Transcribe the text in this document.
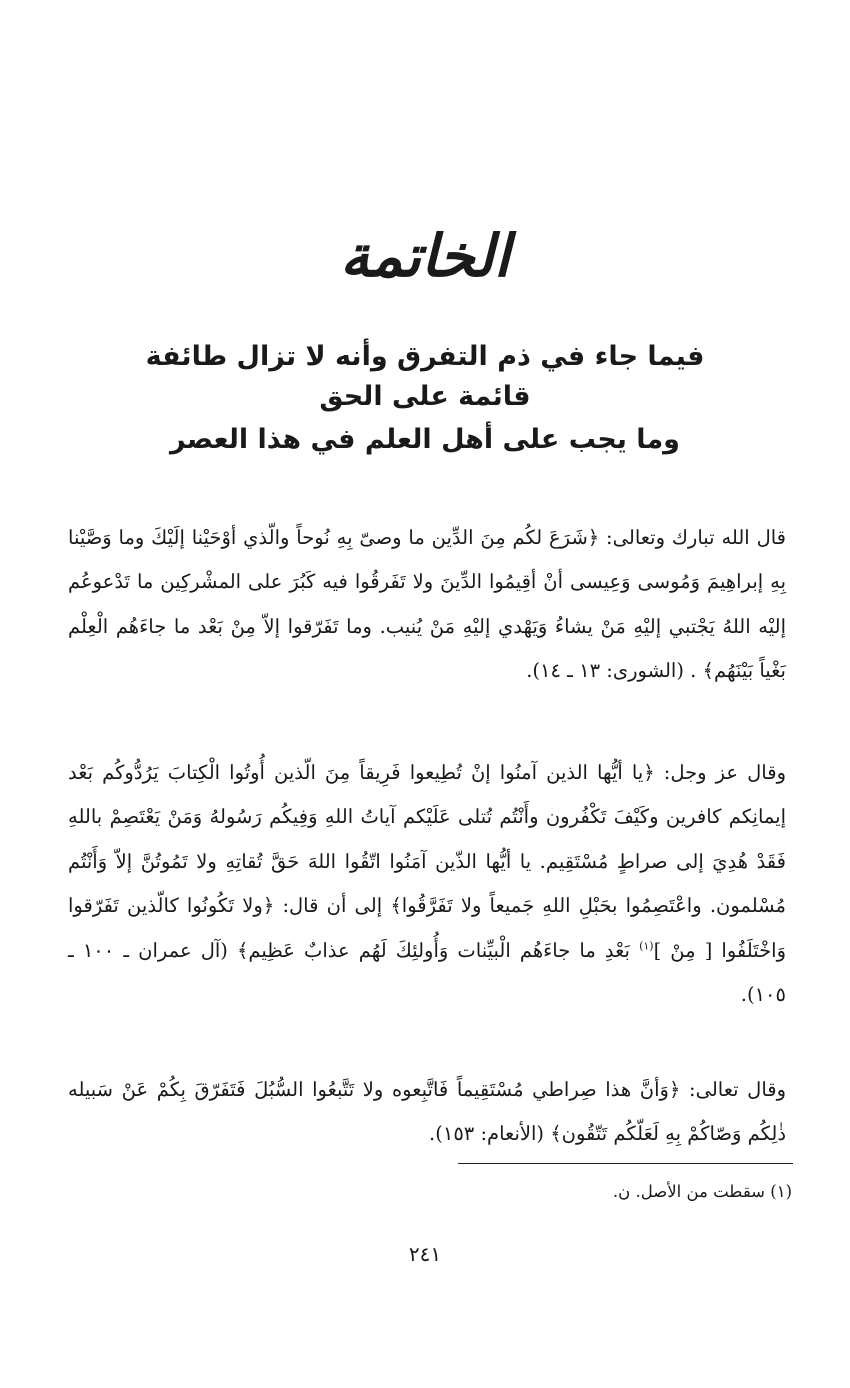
الخاتمة
فيما جاء في ذم التفرق وأنه لا تزال طائفة قائمة على الحق
وما يجب على أهل العلم في هذا العصر

قال الله تبارك وتعالى: ﴿شَرَعَ لكُم مِنَ الدِّين ما وصىّ بِهِ نُوحاً والّذي أوْحَيْنا إلَيْكَ وما وَصَّيْنا بِهِ إبراهِيمَ وَمُوسى وَعِيسى أنْ أقِيمُوا الدِّينَ ولا تَفَرقُوا فيه كَبُرَ على المشْركِين ما تَدْعوعُم إليْه اللهُ يَجْتبي إليْهِ مَنْ يشاءُ وَيَهْدي إليْهِ مَنْ يُنيب. وما تَفَرّقوا إلاّ مِنْ بَعْد ما جاءَهُم الْعِلْم بَغْياً بَيْنَهُم﴾ . (الشورى: ١٣ ـ ١٤).

وقال عز وجل: ﴿يا أيُّها الذين آمنُوا إنْ تُطِيعوا فَرِيقاً مِنَ الّذين أُوتُوا الْكِتابَ يَرُدُّوكُم بَعْد إيمانِكم كافرين وكَيْفَ تَكْفُرون وأَنْتُم تُتلى عَلَيْكم آياتُ اللهِ وَفِيكُم رَسُولهُ وَمَنْ يَعْتَصِمْ باللهِ فَقَدْ هُدِيَ إلى صراطٍ مُسْتَقِيم. يا أيُّها الذّين آمَنُوا اتّقُوا اللهَ حَقَّ تُقاتِهِ ولا تَمُوتُنَّ إلاّ وَأَنْتُم مُسْلمون. واعْتَصِمُوا بحَبْلِ اللهِ جَميعاً ولا تَفَرَّقُوا﴾ إلى أن قال: ﴿ولا تَكُونُوا كالّذين تَفَرّقوا وَاخْتَلَفُوا [ مِنْ ]$^{(١)}$ بَعْدِ ما جاءَهُم الْبيِّنات وَأُولئِكَ لَهُم عذابٌ عَظِيم﴾ (آل عمران ـ ١٠٠ ـ ١٠٥).

وقال تعالى: ﴿وَأنَّ هذا صِراطي مُسْتَقِيماً فَاتَّبِعوه ولا تَتَّبعُوا السُّبُلَ فَتَفَرّقَ بِكُمْ عَنْ سَبيله ذٰلِكُم وَصّاكُمْ بِهِ لَعَلّكُم تَتّقُون﴾ (الأنعام: ١٥٣).

(١) سقطت من الأصل. ن.
٢٤١
